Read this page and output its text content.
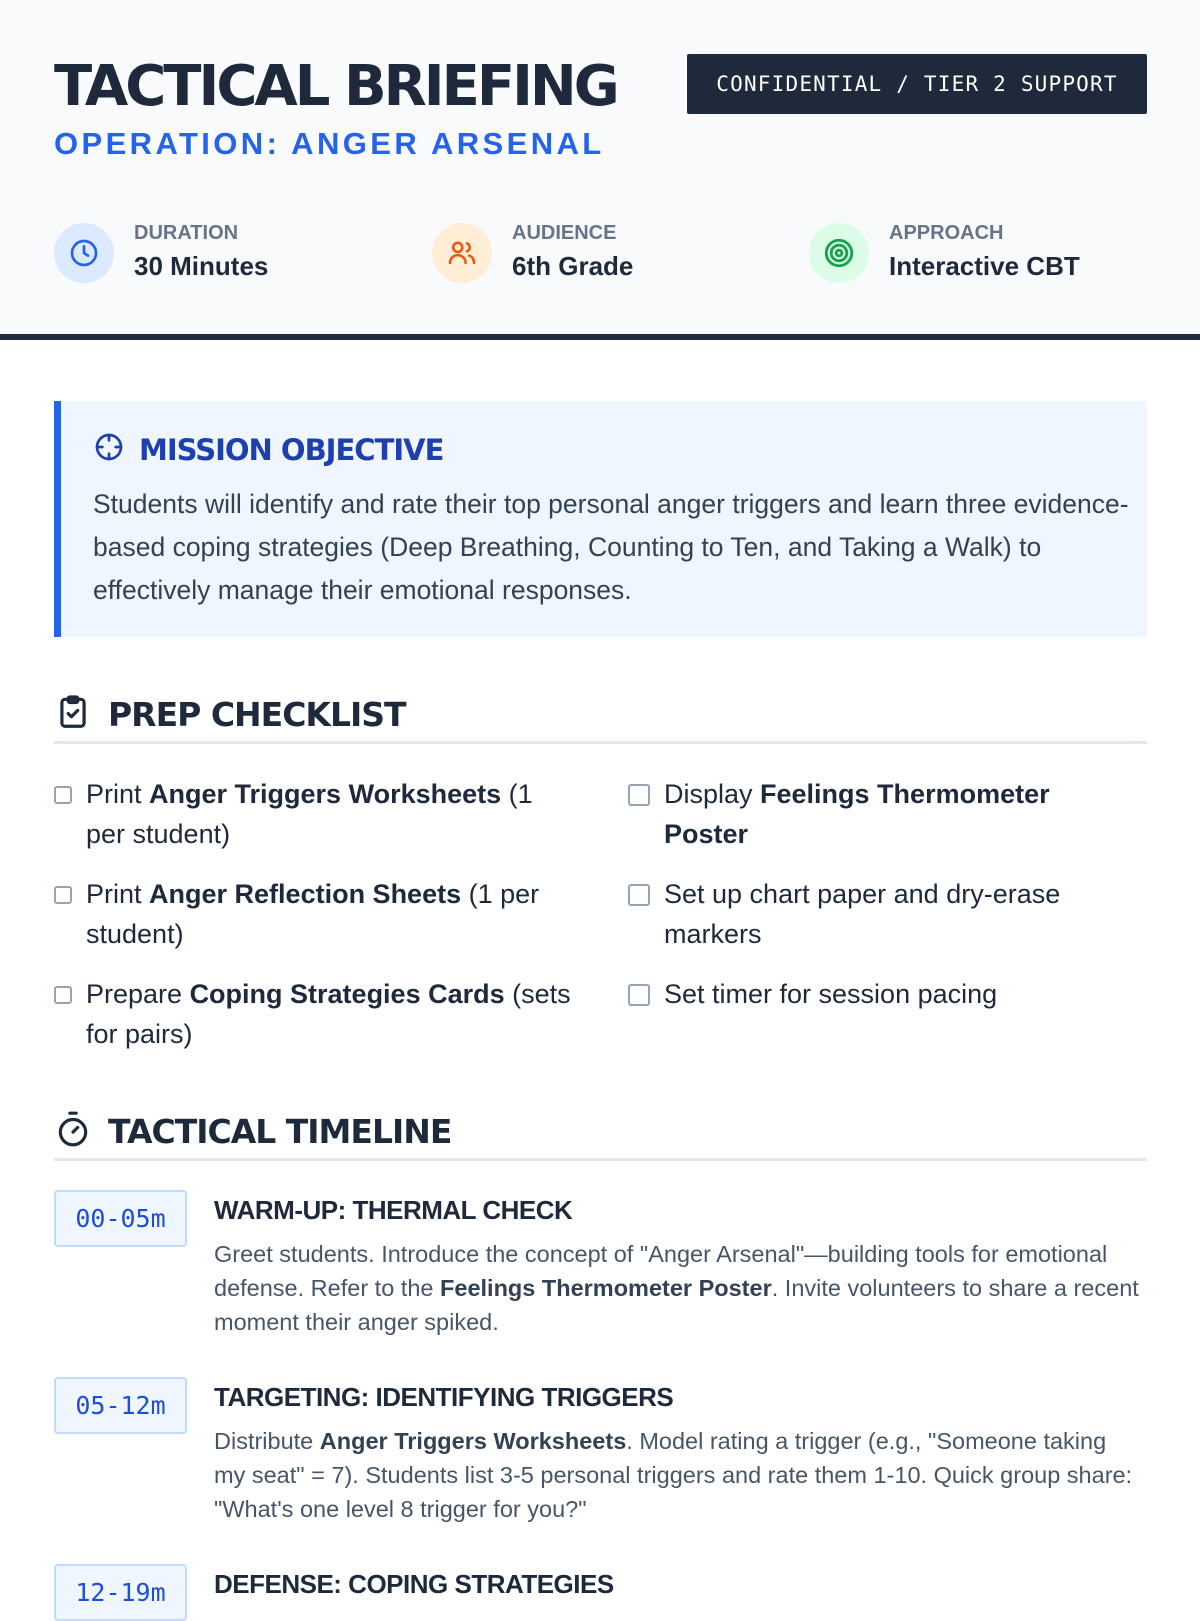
TACTICAL BRIEFING
OPERATION: ANGER ARSENAL
CONFIDENTIAL / TIER 2 SUPPORT
DURATION
30 Minutes
AUDIENCE
6th Grade
APPROACH
Interactive CBT
MISSION OBJECTIVE
Students will identify and rate their top personal anger triggers and learn three evidence-based coping strategies (Deep Breathing, Counting to Ten, and Taking a Walk) to effectively manage their emotional responses.
PREP CHECKLIST
Print Anger Triggers Worksheets (1 per student)
Print Anger Reflection Sheets (1 per student)
Prepare Coping Strategies Cards (sets for pairs)
Display Feelings Thermometer Poster
Set up chart paper and dry-erase markers
Set timer for session pacing
TACTICAL TIMELINE
00-05m	WARM-UP: THERMAL CHECK
Greet students. Introduce the concept of "Anger Arsenal"—building tools for emotional defense. Refer to the Feelings Thermometer Poster. Invite volunteers to share a recent moment their anger spiked.
05-12m	TARGETING: IDENTIFYING TRIGGERS
Distribute Anger Triggers Worksheets. Model rating a trigger (e.g., "Someone taking my seat" = 7). Students list 3-5 personal triggers and rate them 1-10. Quick group share: "What's one level 8 trigger for you?"
12-19m	DEFENSE: COPING STRATEGIES
